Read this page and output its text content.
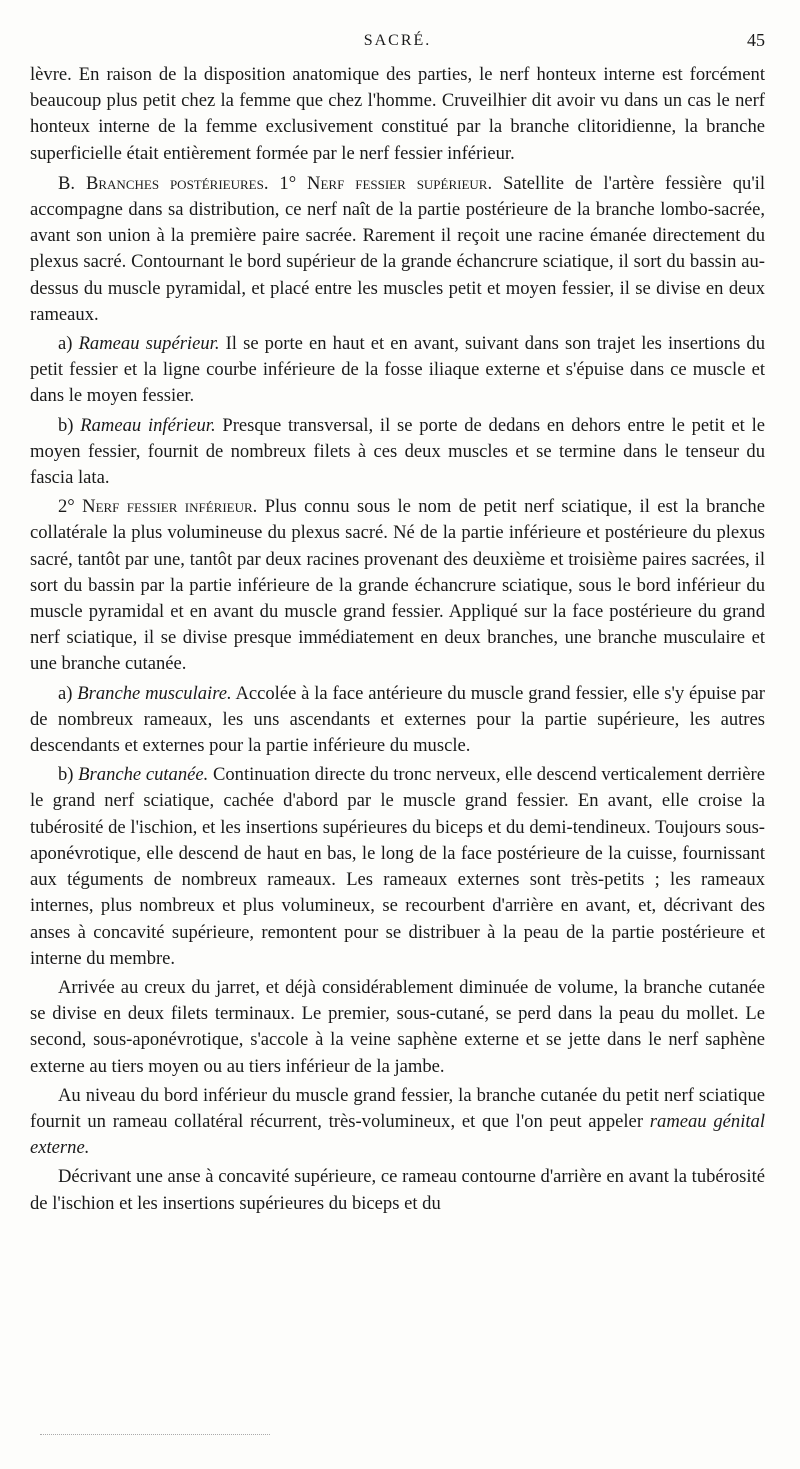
SACRÉ.	45

lèvre. En raison de la disposition anatomique des parties, le nerf honteux interne est forcément beaucoup plus petit chez la femme que chez l'homme. Cruveilhier dit avoir vu dans un cas le nerf honteux interne de la femme exclusivement constitué par la branche clitoridienne, la branche superficielle était entièrement formée par le nerf fessier inférieur.

B. Branches postérieures. 1° Nerf fessier supérieur. Satellite de l'artère fessière qu'il accompagne dans sa distribution, ce nerf naît de la partie postérieure de la branche lombo-sacrée, avant son union à la première paire sacrée. Rarement il reçoit une racine émanée directement du plexus sacré. Contournant le bord supérieur de la grande échancrure sciatique, il sort du bassin au-dessus du muscle pyramidal, et placé entre les muscles petit et moyen fessier, il se divise en deux rameaux.

a) Rameau supérieur. Il se porte en haut et en avant, suivant dans son trajet les insertions du petit fessier et la ligne courbe inférieure de la fosse iliaque externe et s'épuise dans ce muscle et dans le moyen fessier.

b) Rameau inférieur. Presque transversal, il se porte de dedans en dehors entre le petit et le moyen fessier, fournit de nombreux filets à ces deux muscles et se termine dans le tenseur du fascia lata.

2° Nerf fessier inférieur. Plus connu sous le nom de petit nerf sciatique, il est la branche collatérale la plus volumineuse du plexus sacré. Né de la partie inférieure et postérieure du plexus sacré, tantôt par une, tantôt par deux racines provenant des deuxième et troisième paires sacrées, il sort du bassin par la partie inférieure de la grande échancrure sciatique, sous le bord inférieur du muscle pyramidal et en avant du muscle grand fessier. Appliqué sur la face postérieure du grand nerf sciatique, il se divise presque immédiatement en deux branches, une branche musculaire et une branche cutanée.

a) Branche musculaire. Accolée à la face antérieure du muscle grand fessier, elle s'y épuise par de nombreux rameaux, les uns ascendants et externes pour la partie supérieure, les autres descendants et externes pour la partie inférieure du muscle.

b) Branche cutanée. Continuation directe du tronc nerveux, elle descend verticalement derrière le grand nerf sciatique, cachée d'abord par le muscle grand fessier. En avant, elle croise la tubérosité de l'ischion, et les insertions supérieures du biceps et du demi-tendineux. Toujours sous-aponévrotique, elle descend de haut en bas, le long de la face postérieure de la cuisse, fournissant aux téguments de nombreux rameaux. Les rameaux externes sont très-petits ; les rameaux internes, plus nombreux et plus volumineux, se recourbent d'arrière en avant, et, décrivant des anses à concavité supérieure, remontent pour se distribuer à la peau de la partie postérieure et interne du membre.

Arrivée au creux du jarret, et déjà considérablement diminuée de volume, la branche cutanée se divise en deux filets terminaux. Le premier, sous-cutané, se perd dans la peau du mollet. Le second, sous-aponévrotique, s'accole à la veine saphène externe et se jette dans le nerf saphène externe au tiers moyen ou au tiers inférieur de la jambe.

Au niveau du bord inférieur du muscle grand fessier, la branche cutanée du petit nerf sciatique fournit un rameau collatéral récurrent, très-volumineux, et que l'on peut appeler rameau génital externe.

Décrivant une anse à concavité supérieure, ce rameau contourne d'arrière en avant la tubérosité de l'ischion et les insertions supérieures du biceps et du
